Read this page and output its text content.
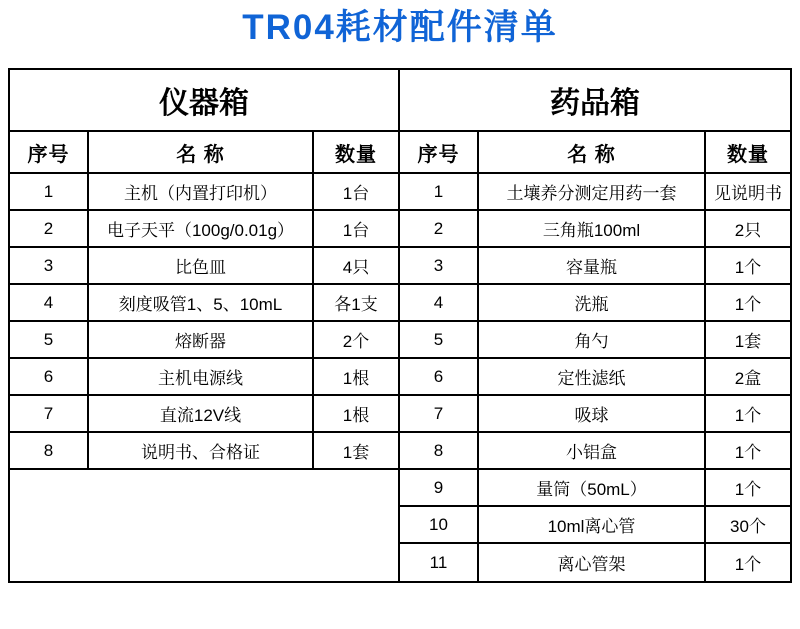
TR04耗材配件清单
仪器箱
序号	名 称	数量
1	主机（内置打印机）	1台
2	电子天平（100g/0.01g）	1台
3	比色皿	4只
4	刻度吸管1、5、10mL	各1支
5	熔断器	2个
6	主机电源线	1根
7	直流12V线	1根
8	说明书、合格证	1套
药品箱
序号	名 称	数量
1	土壤养分测定用药一套	见说明书
2	三角瓶100ml	2只
3	容量瓶	1个
4	洗瓶	1个
5	角勺	1套
6	定性滤纸	2盒
7	吸球	1个
8	小铝盒	1个
9	量筒（50mL）	1个
10	10ml离心管	30个
11	离心管架	1个
